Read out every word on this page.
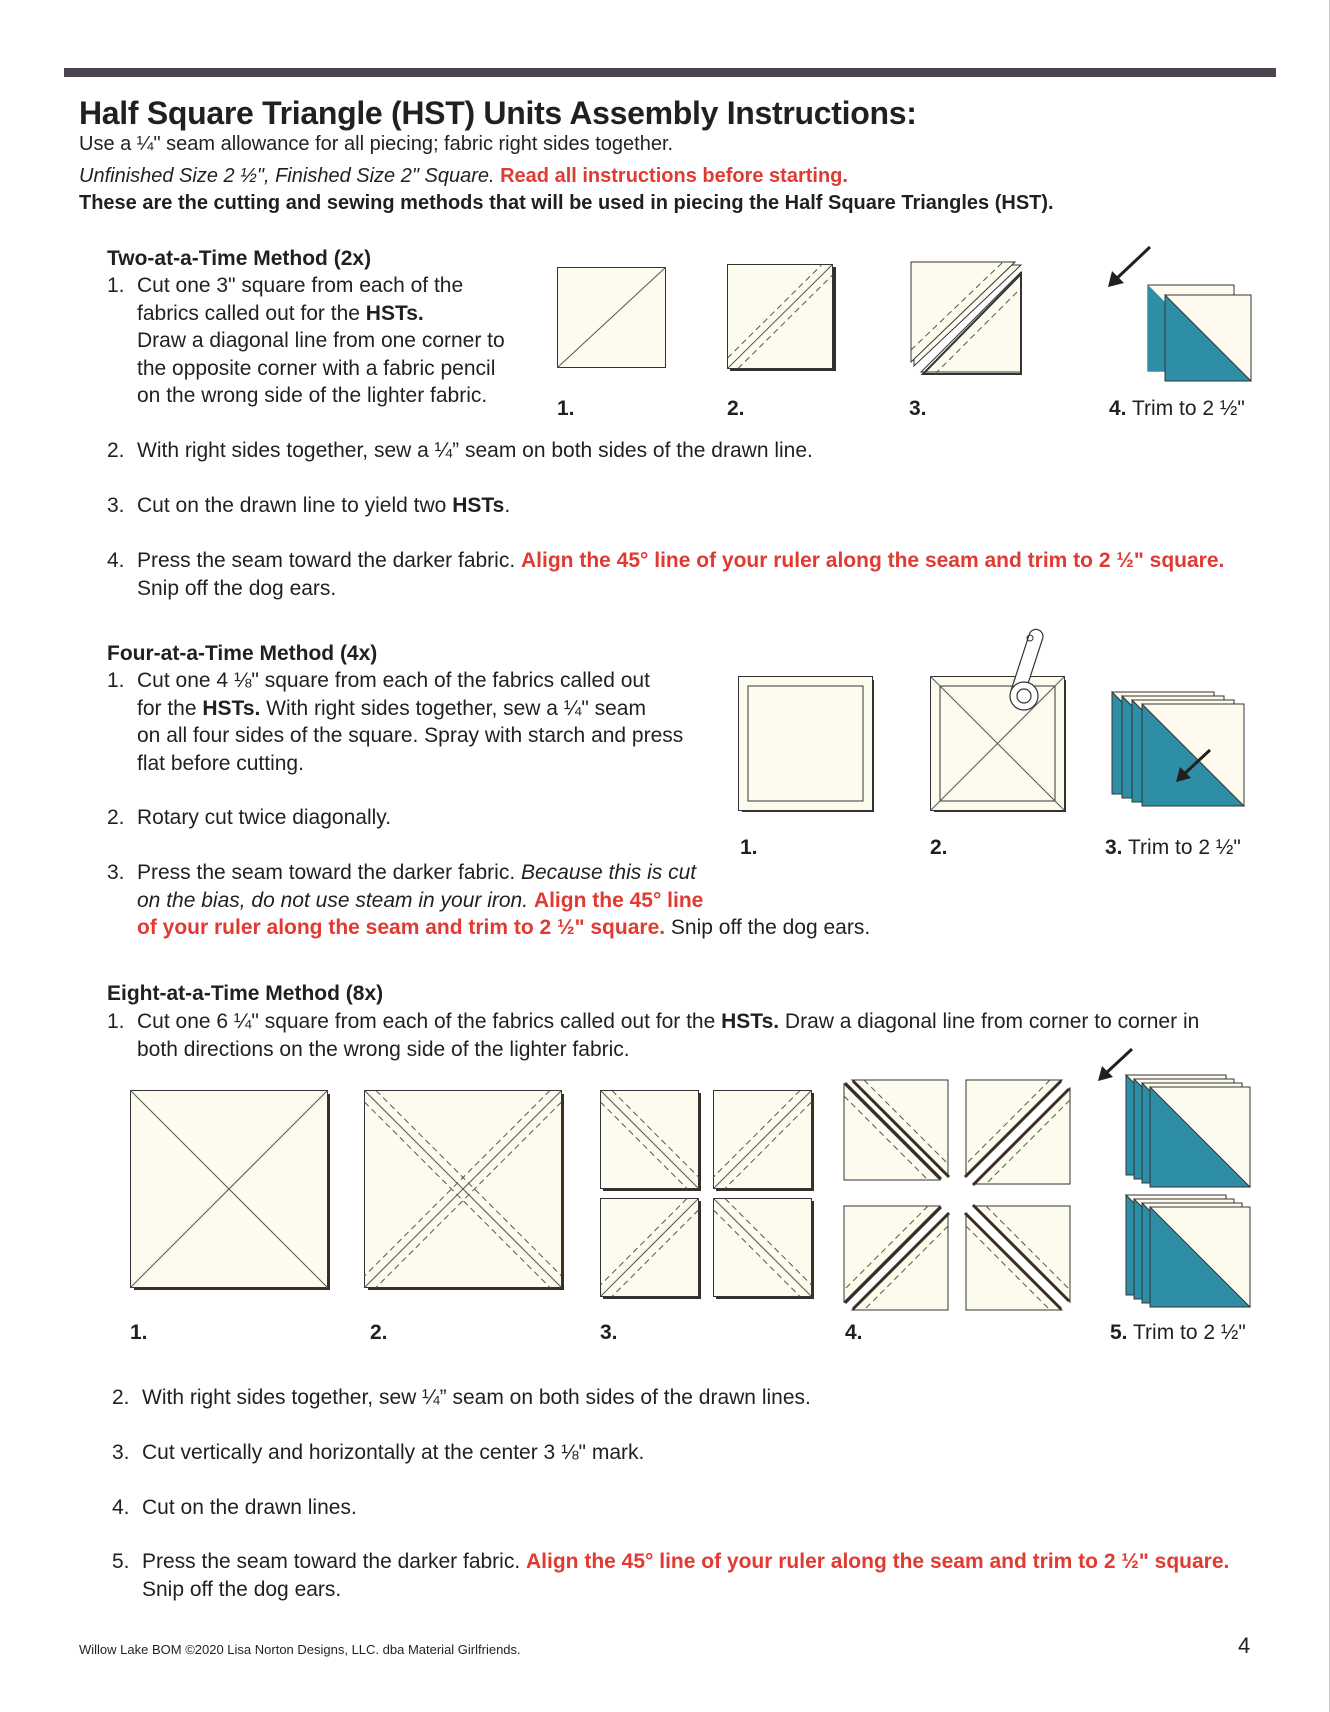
Half Square Triangle (HST) Units Assembly Instructions:
Use a ¼" seam allowance for all piecing; fabric right sides together.
Unfinished Size 2 ½", Finished Size 2" Square. Read all instructions before starting.
These are the cutting and sewing methods that will be used in piecing the Half Square Triangles (HST).
Two-at-a-Time Method (2x)
1. Cut one 3" square from each of the
fabrics called out for the HSTs.
Draw a diagonal line from one corner to
the opposite corner with a fabric pencil
on the wrong side of the lighter fabric.
1.	2.	3.	4. Trim to 2 ½"
2. With right sides together, sew a ¼” seam on both sides of the drawn line.
3. Cut on the drawn line to yield two HSTs.
4. Press the seam toward the darker fabric. Align the 45° line of your ruler along the seam and trim to 2 ½" square.
Snip off the dog ears.
Four-at-a-Time Method (4x)
1. Cut one 4 ⅛" square from each of the fabrics called out
for the HSTs. With right sides together, sew a ¼" seam
on all four sides of the square. Spray with starch and press
flat before cutting.
2. Rotary cut twice diagonally.
3. Press the seam toward the darker fabric. Because this is cut
on the bias, do not use steam in your iron. Align the 45° line
of your ruler along the seam and trim to 2 ½" square. Snip off the dog ears.
1.	2.	3. Trim to 2 ½"
Eight-at-a-Time Method (8x)
1. Cut one 6 ¼" square from each of the fabrics called out for the HSTs. Draw a diagonal line from corner to corner in
both directions on the wrong side of the lighter fabric.
1.	2.	3.	4.	5. Trim to 2 ½"
2. With right sides together, sew ¼” seam on both sides of the drawn lines.
3. Cut vertically and horizontally at the center 3 ⅛" mark.
4. Cut on the drawn lines.
5. Press the seam toward the darker fabric. Align the 45° line of your ruler along the seam and trim to 2 ½" square.
Snip off the dog ears.
Willow Lake BOM ©2020 Lisa Norton Designs, LLC. dba Material Girlfriends.	4
